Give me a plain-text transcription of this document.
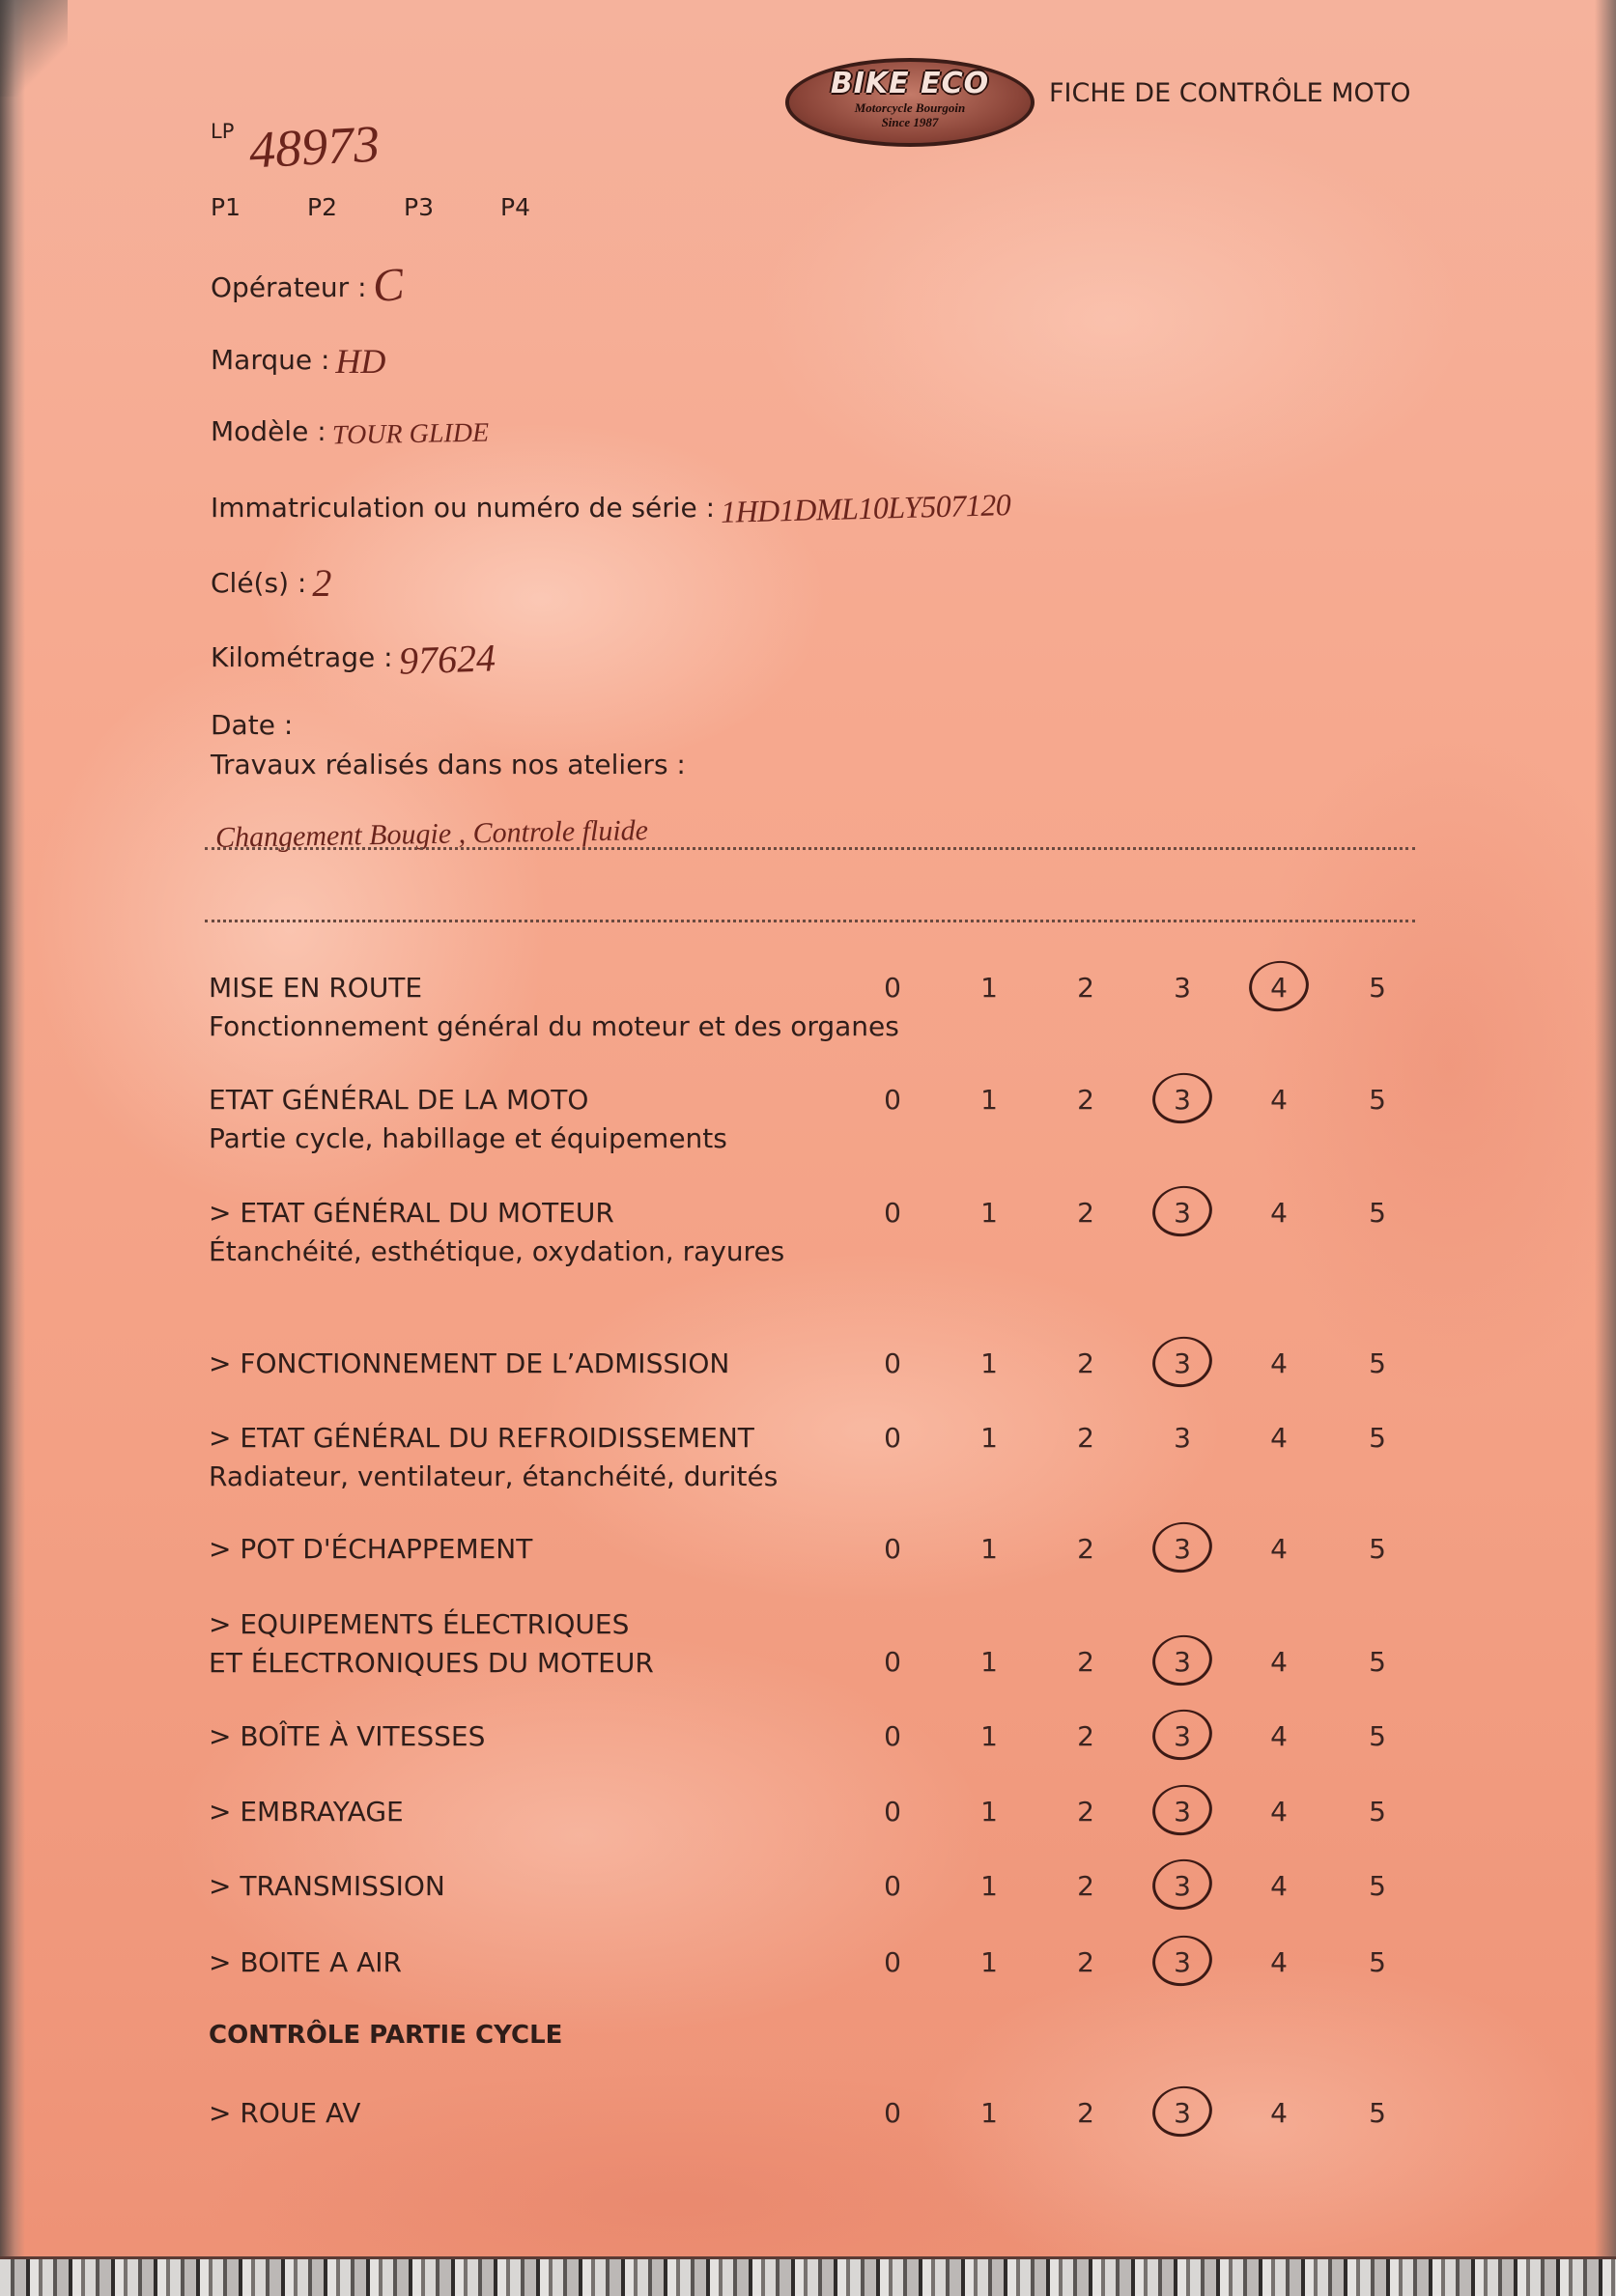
BIKE ECO
Motorcycle Bourgoin
Since 1987
FICHE DE CONTRÔLE MOTO
LP 48973
P1	P2	P3	P4
Opérateur :C
Marque : HD
Modèle : TOUR GLIDE
Immatriculation ou numéro de série : 1HD1DML10LY507120
Clé(s) : 2
Kilométrage : 97624
Date :
Travaux réalisés dans nos ateliers :
Changement Bougie , Controle fluide
CONTRÔLE PARTIE CYCLE
MISE EN ROUTE
Fonctionnement général du moteur et des organes
0	1	2	3	4	5
ETAT GÉNÉRAL DE LA MOTO
Partie cycle, habillage et équipements
0	1	2	3	4	5
> ETAT GÉNÉRAL DU MOTEUR
Étanchéité, esthétique, oxydation, rayures
0	1	2	3	4	5
> FONCTIONNEMENT DE L’ADMISSION	0	1	2	3	4	5
> ETAT GÉNÉRAL DU REFROIDISSEMENT
Radiateur, ventilateur, étanchéité, durités
0	1	2	3	4	5
> POT D'ÉCHAPPEMENT	0	1	2	3	4	5
> EQUIPEMENTS ÉLECTRIQUES
ET ÉLECTRONIQUES DU MOTEUR	0	1	2	3	4	5
> BOÎTE À VITESSES	0	1	2	3	4	5
> EMBRAYAGE	0	1	2	3	4	5
> TRANSMISSION	0	1	2	3	4	5
> BOITE A AIR	0	1	2	3	4	5
> ROUE AV	0	1	2	3	4	5
